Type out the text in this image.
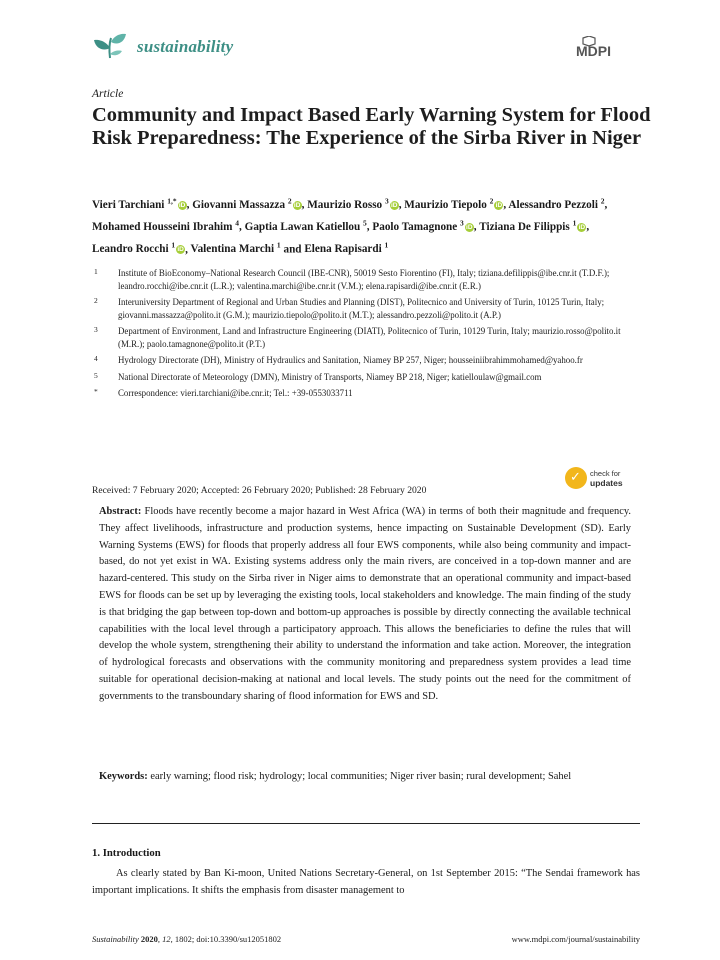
sustainability	MDPI
Article
Community and Impact Based Early Warning System for Flood Risk Preparedness: The Experience of the Sirba River in Niger
Vieri Tarchiani $^{1,*}$iD, Giovanni Massazza $^2$iD, Maurizio Rosso $^3$iD, Maurizio Tiepolo $^2$iD, Alessandro Pezzoli $^2$, Mohamed Housseini Ibrahim $^4$, Gaptia Lawan Katiellou $^5$, Paolo Tamagnone $^3$iD, Tiziana De Filippis $^1$iD, Leandro Rocchi $^1$iD, Valentina Marchi $^1$ and Elena Rapisardi $^1$
1 Institute of BioEconomy–National Research Council (IBE-CNR), 50019 Sesto Fiorentino (FI), Italy; tiziana.defilippis@ibe.cnr.it (T.D.F.); leandro.rocchi@ibe.cnr.it (L.R.); valentina.marchi@ibe.cnr.it (V.M.); elena.rapisardi@ibe.cnr.it (E.R.)
2 Interuniversity Department of Regional and Urban Studies and Planning (DIST), Politecnico and University of Turin, 10125 Turin, Italy; giovanni.massazza@polito.it (G.M.); maurizio.tiepolo@polito.it (M.T.); alessandro.pezzoli@polito.it (A.P.)
3 Department of Environment, Land and Infrastructure Engineering (DIATI), Politecnico of Turin, 10129 Turin, Italy; maurizio.rosso@polito.it (M.R.); paolo.tamagnone@polito.it (P.T.)
4 Hydrology Directorate (DH), Ministry of Hydraulics and Sanitation, Niamey BP 257, Niger; housseiniibrahimmohamed@yahoo.fr
5 National Directorate of Meteorology (DMN), Ministry of Transports, Niamey BP 218, Niger; katielloulaw@gmail.com
* Correspondence: vieri.tarchiani@ibe.cnr.it; Tel.: +39-0553033711
✓ check for
updates
Received: 7 February 2020; Accepted: 26 February 2020; Published: 28 February 2020
Abstract: Floods have recently become a major hazard in West Africa (WA) in terms of both their magnitude and frequency. They affect livelihoods, infrastructure and production systems, hence impacting on Sustainable Development (SD). Early Warning Systems (EWS) for floods that properly address all four EWS components, while also being community and impact-based, do not yet exist in WA. Existing systems address only the main rivers, are conceived in a top-down manner and are hazard-centered. This study on the Sirba river in Niger aims to demonstrate that an operational community and impact-based EWS for floods can be set up by leveraging the existing tools, local stakeholders and knowledge. The main finding of the study is that bridging the gap between top-down and bottom-up approaches is possible by directly connecting the available technical capabilities with the local level through a participatory approach. This allows the beneficiaries to define the rules that will develop the whole system, strengthening their ability to understand the information and take action. Moreover, the integration of hydrological forecasts and observations with the community monitoring and preparedness system provides a lead time suitable for operational decision-making at national and local levels. The study points out the need for the commitment of governments to the transboundary sharing of flood information for EWS and SD.
Keywords: early warning; flood risk; hydrology; local communities; Niger river basin; rural development; Sahel
1. Introduction
As clearly stated by Ban Ki-moon, United Nations Secretary-General, on 1st September 2015: “The Sendai framework has important implications. It shifts the emphasis from disaster management to
Sustainability 2020, 12, 1802; doi:10.3390/su12051802	www.mdpi.com/journal/sustainability
